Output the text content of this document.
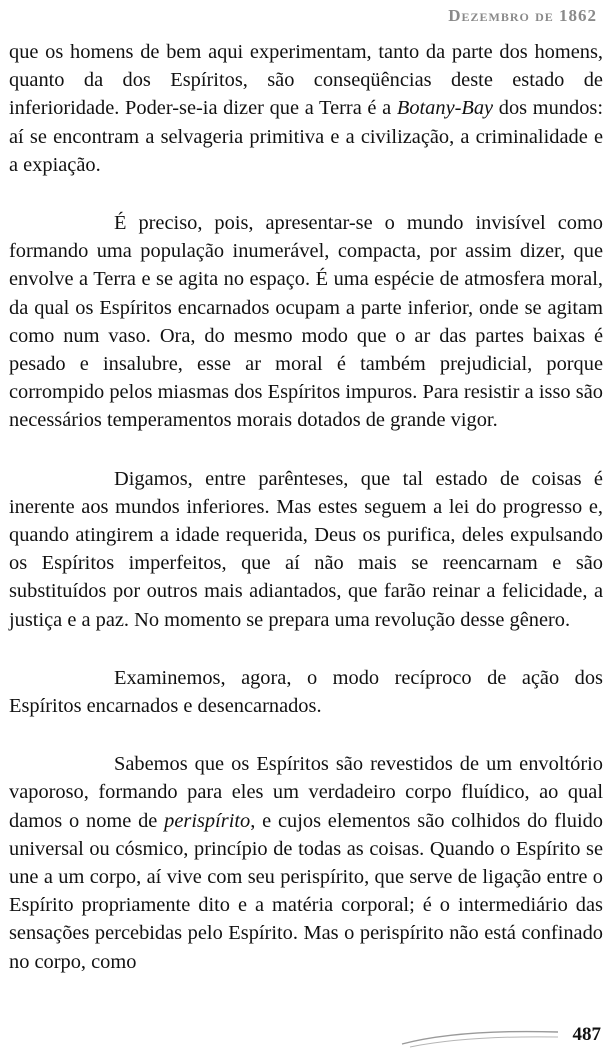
Dezembro de 1862

que os homens de bem aqui experimentam, tanto da parte dos homens, quanto da dos Espíritos, são conseqüências deste estado de inferioridade. Poder-se-ia dizer que a Terra é a Botany-Bay dos mundos: aí se encontram a selvageria primitiva e a civilização, a criminalidade e a expiação.

É preciso, pois, apresentar-se o mundo invisível como formando uma população inumerável, compacta, por assim dizer, que envolve a Terra e se agita no espaço. É uma espécie de atmosfera moral, da qual os Espíritos encarnados ocupam a parte inferior, onde se agitam como num vaso. Ora, do mesmo modo que o ar das partes baixas é pesado e insalubre, esse ar moral é também prejudicial, porque corrompido pelos miasmas dos Espíritos impuros. Para resistir a isso são necessários temperamentos morais dotados de grande vigor.

Digamos, entre parênteses, que tal estado de coisas é inerente aos mundos inferiores. Mas estes seguem a lei do progresso e, quando atingirem a idade requerida, Deus os purifica, deles expulsando os Espíritos imperfeitos, que aí não mais se reencarnam e são substituídos por outros mais adiantados, que farão reinar a felicidade, a justiça e a paz. No momento se prepara uma revolução desse gênero.

Examinemos, agora, o modo recíproco de ação dos Espíritos encarnados e desencarnados.

Sabemos que os Espíritos são revestidos de um envoltório vaporoso, formando para eles um verdadeiro corpo fluídico, ao qual damos o nome de perispírito, e cujos elementos são colhidos do fluido universal ou cósmico, princípio de todas as coisas. Quando o Espírito se une a um corpo, aí vive com seu perispírito, que serve de ligação entre o Espírito propriamente dito e a matéria corporal; é o intermediário das sensações percebidas pelo Espírito. Mas o perispírito não está confinado no corpo, como

487
